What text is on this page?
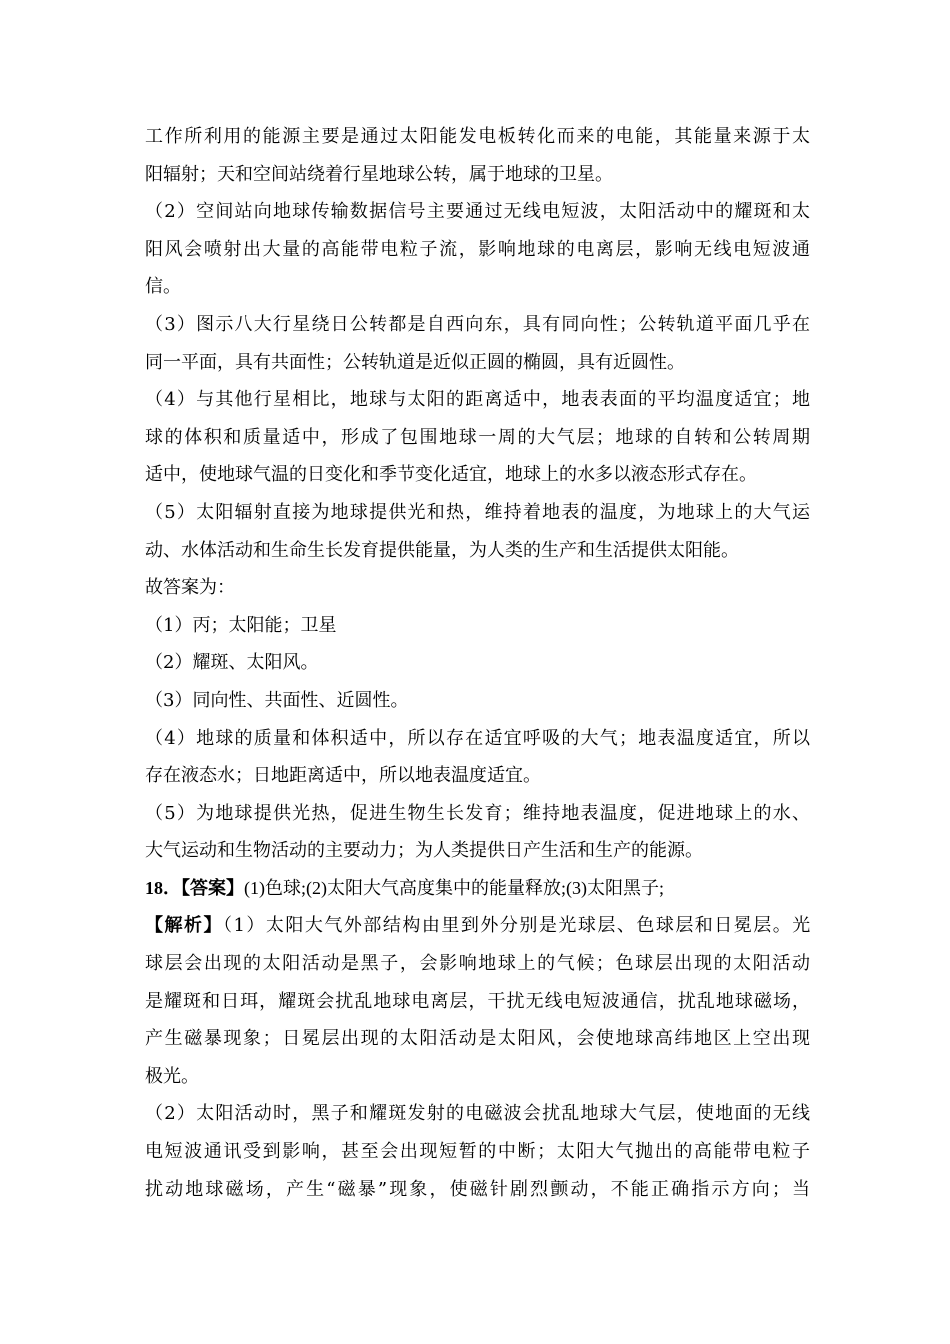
工作所利用的能源主要是通过太阳能发电板转化而来的电能，其能量来源于太
阳辐射；天和空间站绕着行星地球公转，属于地球的卫星。
（2）空间站向地球传输数据信号主要通过无线电短波，太阳活动中的耀斑和太
阳风会喷射出大量的高能带电粒子流，影响地球的电离层，影响无线电短波通
信。
（3）图示八大行星绕日公转都是自西向东，具有同向性；公转轨道平面几乎在
同一平面，具有共面性；公转轨道是近似正圆的椭圆，具有近圆性。
（4）与其他行星相比，地球与太阳的距离适中，地表表面的平均温度适宜；地
球的体积和质量适中，形成了包围地球一周的大气层；地球的自转和公转周期
适中，使地球气温的日变化和季节变化适宜，地球上的水多以液态形式存在。
（5）太阳辐射直接为地球提供光和热，维持着地表的温度，为地球上的大气运
动、水体活动和生命生长发育提供能量，为人类的生产和生活提供太阳能。
故答案为：
（1）丙；太阳能；卫星
（2）耀斑、太阳风。
（3）同向性、共面性、近圆性。
（4）地球的质量和体积适中，所以存在适宜呼吸的大气；地表温度适宜，所以
存在液态水；日地距离适中，所以地表温度适宜。
（5）为地球提供光热，促进生物生长发育；维持地表温度，促进地球上的水、
大气运动和生物活动的主要动力；为人类提供日产生活和生产的能源。
18．【答案】(1)色球;(2)太阳大气高度集中的能量释放;(3)太阳黑子;
【解析】（1）太阳大气外部结构由里到外分别是光球层、色球层和日冕层。光
球层会出现的太阳活动是黑子，会影响地球上的气候；色球层出现的太阳活动
是耀斑和日珥，耀斑会扰乱地球电离层，干扰无线电短波通信，扰乱地球磁场，
产生磁暴现象；日冕层出现的太阳活动是太阳风，会使地球高纬地区上空出现
极光。
（2）太阳活动时，黑子和耀斑发射的电磁波会扰乱地球大气层，使地面的无线
电短波通讯受到影响，甚至会出现短暂的中断；太阳大气抛出的高能带电粒子
扰动地球磁场，产生“磁暴”现象，使磁针剧烈颤动，不能正确指示方向；当
